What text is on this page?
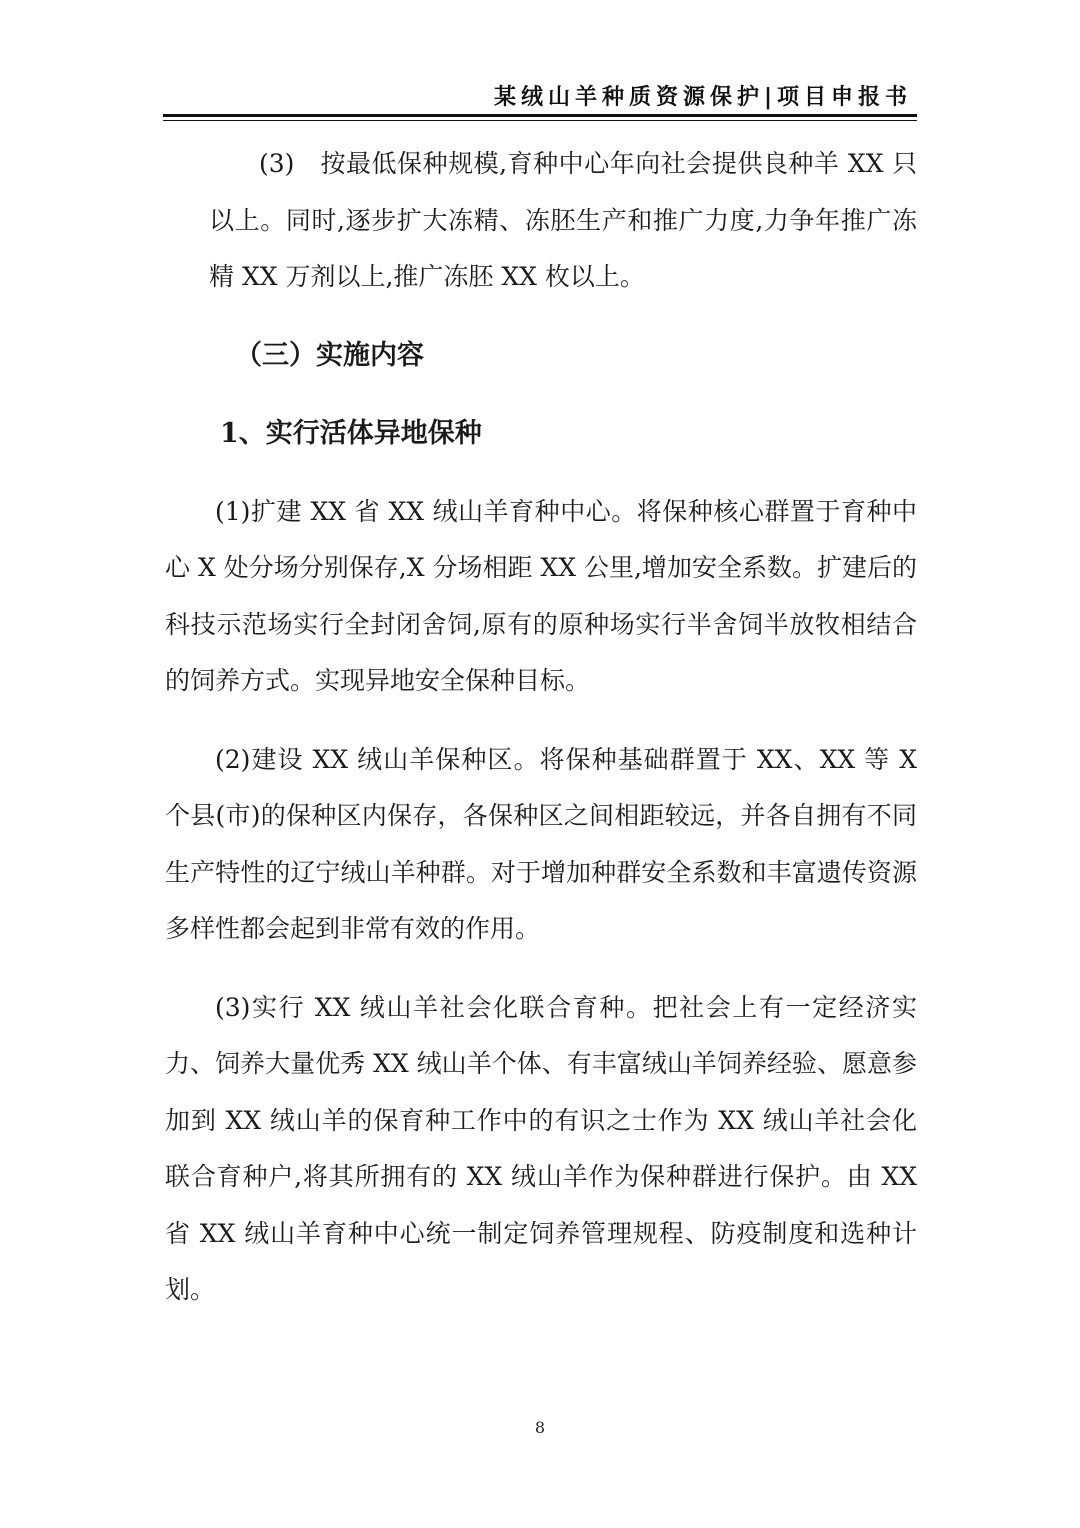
某绒山羊种质资源保护|项目申报书

(3)　按最低保种规模,育种中心年向社会提供良种羊 XX 只以上。同时,逐步扩大冻精、冻胚生产和推广力度,力争年推广冻精 XX 万剂以上,推广冻胚 XX 枚以上。

（三）实施内容
1、实行活体异地保种

(1)扩建 XX 省 XX 绒山羊育种中心。将保种核心群置于育种中心 X 处分场分别保存,X 分场相距 XX 公里,增加安全系数。扩建后的科技示范场实行全封闭舍饲,原有的原种场实行半舍饲半放牧相结合的饲养方式。实现异地安全保种目标。

(2)建设 XX 绒山羊保种区。将保种基础群置于 XX、XX 等 X 个县(市)的保种区内保存，各保种区之间相距较远，并各自拥有不同生产特性的辽宁绒山羊种群。对于增加种群安全系数和丰富遗传资源多样性都会起到非常有效的作用。

(3)实行 XX 绒山羊社会化联合育种。把社会上有一定经济实力、饲养大量优秀 XX 绒山羊个体、有丰富绒山羊饲养经验、愿意参加到 XX 绒山羊的保育种工作中的有识之士作为 XX 绒山羊社会化联合育种户,将其所拥有的 XX 绒山羊作为保种群进行保护。由 XX 省 XX 绒山羊育种中心统一制定饲养管理规程、防疫制度和选种计划。

8
